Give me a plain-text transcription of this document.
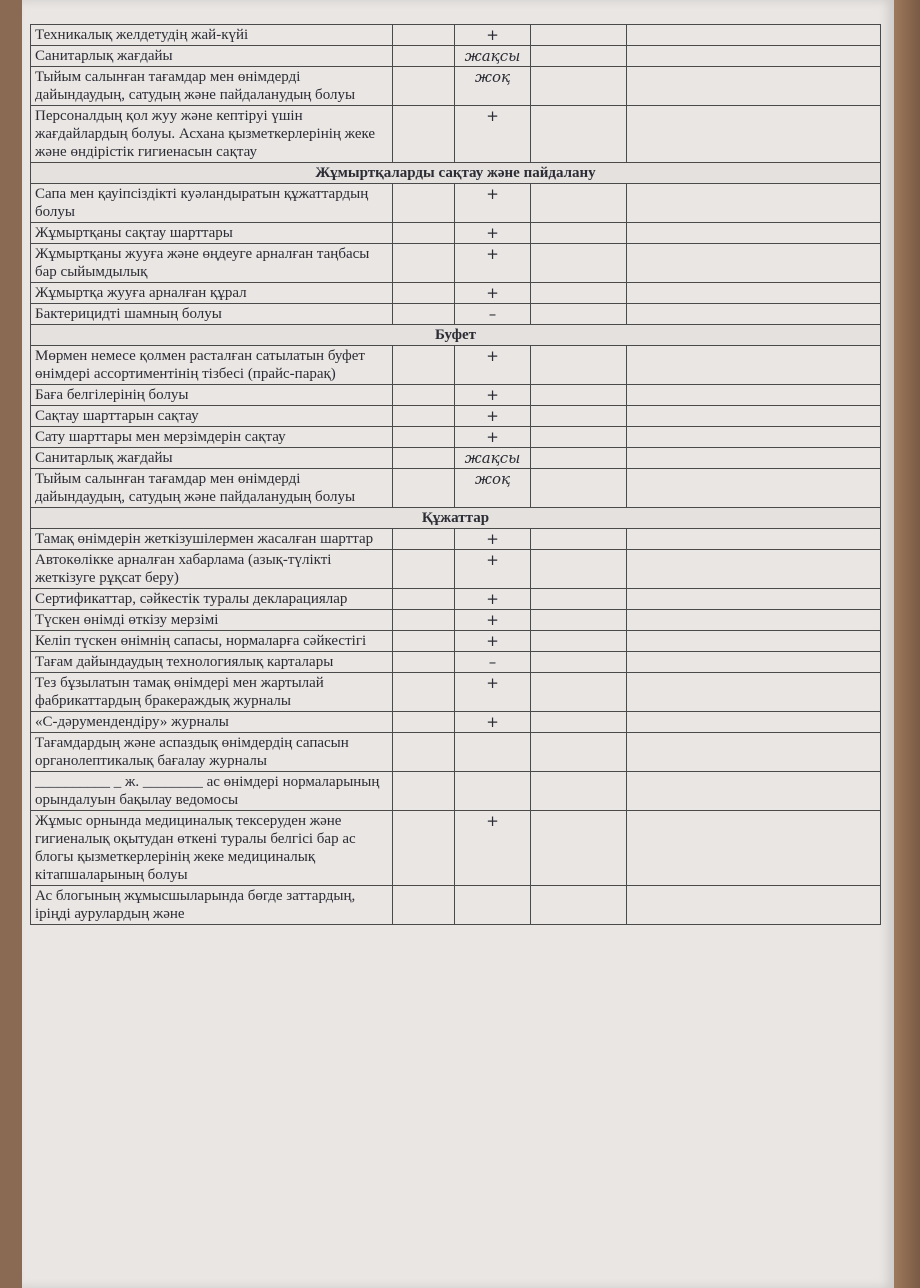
Техникалық желдетудің жай-күйі		+		
Санитарлық жағдайы		жақсы		
Тыйым салынған тағамдар мен өнімдерді дайындаудың, сатудың және пайдаланудың болуы		жоқ		
Персоналдың қол жуу және кептіруі үшін жағдайлардың болуы. Асхана қызметкерлерінің жеке және өндірістік гигиенасын сақтау		+		
Жұмыртқаларды сақтау және пайдалану				
Сапа мен қауіпсіздікті куәландыратын құжаттардың болуы		+		
Жұмыртқаны сақтау шарттары		+		
Жұмыртқаны жууға және өңдеуге арналған таңбасы бар сыйымдылық		+		
Жұмыртқа жууға арналған құрал		+		
Бактерицидті шамның болуы		–		
Буфет				
Мөрмен немесе қолмен расталған сатылатын буфет өнімдері ассортиментінің тізбесі (прайс-парақ)		+		
Баға белгілерінің болуы		+		
Сақтау шарттарын сақтау		+		
Сату шарттары мен мерзімдерін сақтау		+		
Санитарлық жағдайы		жақсы		
Тыйым салынған тағамдар мен өнімдерді дайындаудың, сатудың және пайдаланудың болуы		жоқ		
Құжаттар				
Тамақ өнімдерін жеткізушілермен жасалған шарттар		+		
Автокөлікке арналған хабарлама (азық-түлікті жеткізуге рұқсат беру)		+		
Сертификаттар, сәйкестік туралы декларациялар		+		
Түскен өнімді өткізу мерзімі		+		
Келіп түскен өнімнің сапасы, нормаларға сәйкестігі		+		
Тағам дайындаудың технологиялық карталары		–		
Тез бұзылатын тамақ өнімдері мен жартылай фабрикаттардың бракераждық журналы		+		
«С-дәрумендендіру» журналы		+		
Тағамдардың және аспаздық өнімдердің сапасын органолептикалық бағалау журналы				
__________ _ ж. ________ ас өнімдері нормаларының орындалуын бақылау ведомосы				
Жұмыс орнында медициналық тексеруден және гигиеналық оқытудан өткені туралы белгісі бар ас блогы қызметкерлерінің жеке медициналық кітапшаларының болуы		+		
Ас блогының жұмысшыларында бөгде заттардың, іріңді аурулардың және				
